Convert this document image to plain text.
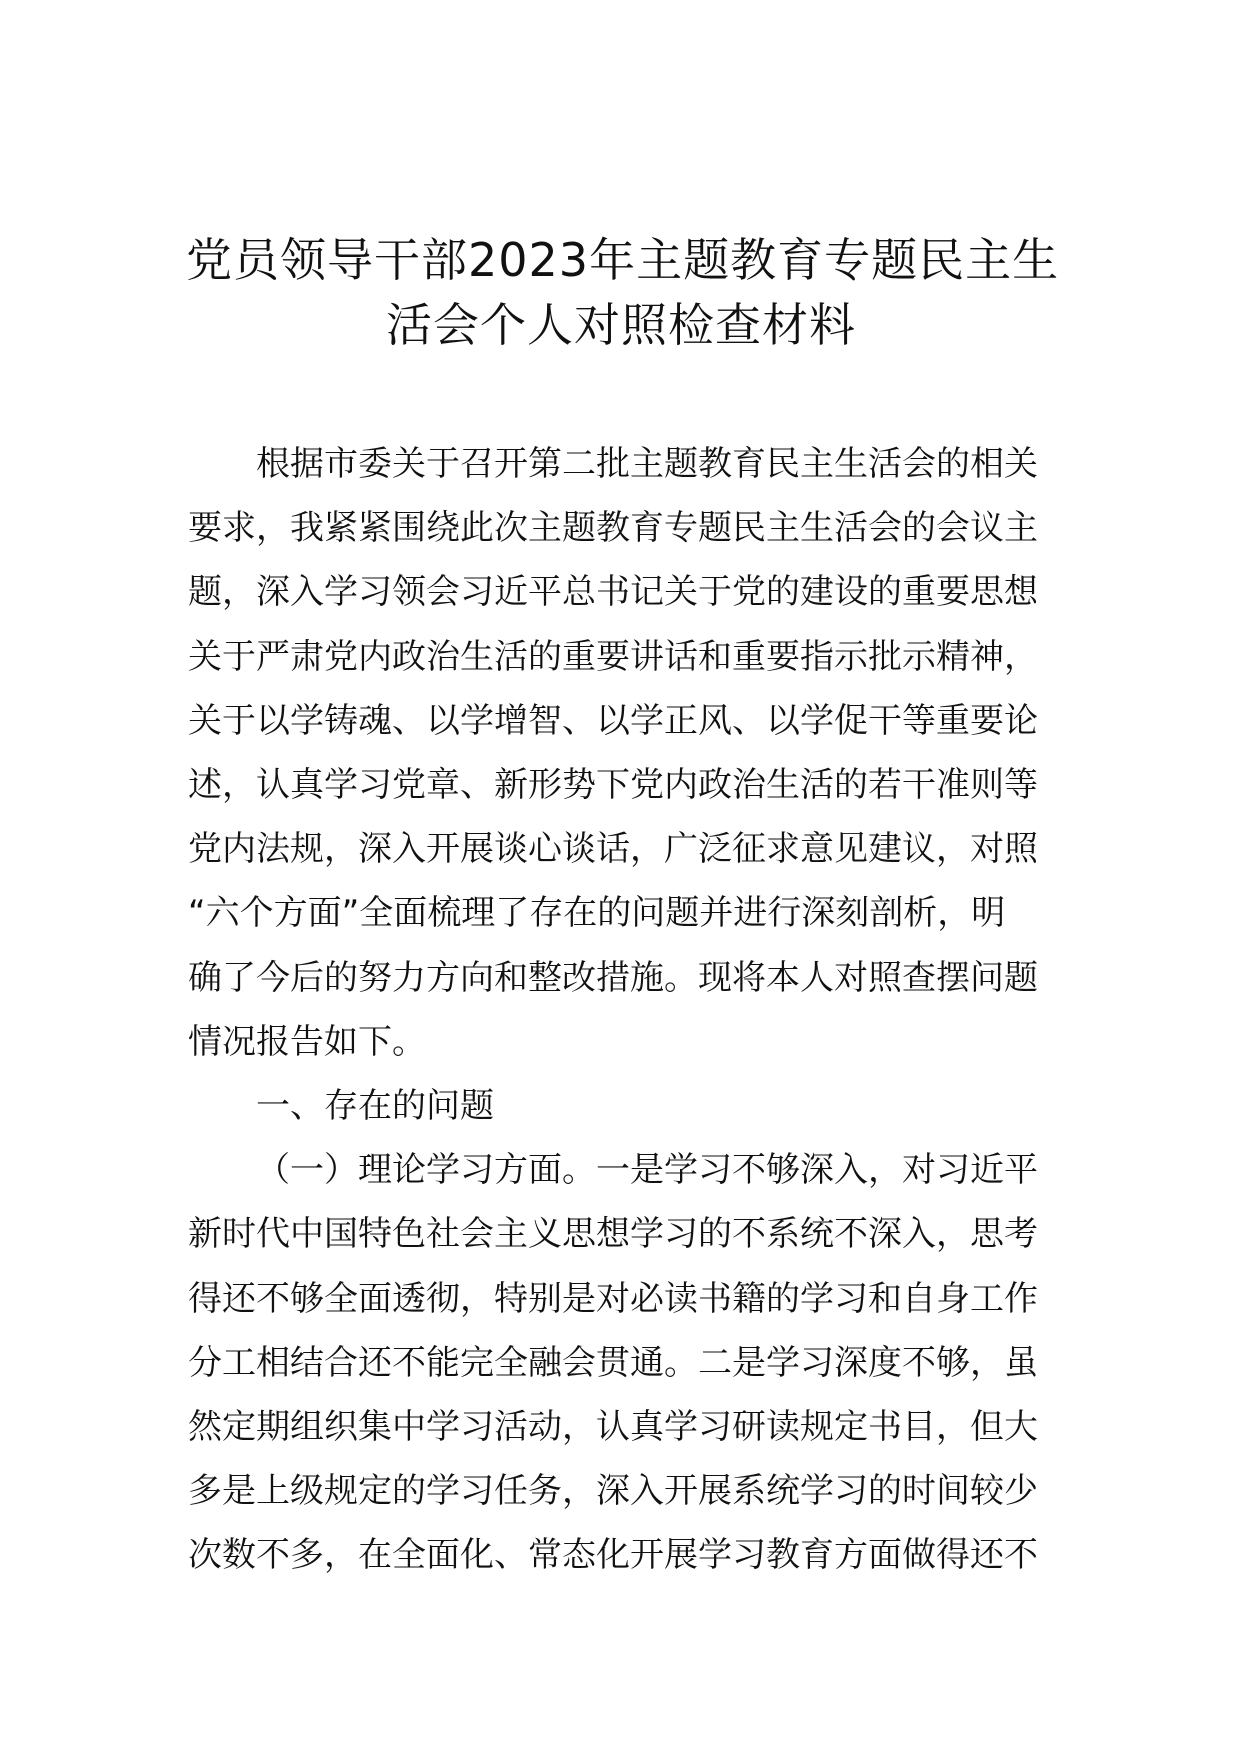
党员领导干部2023年主题教育专题民主生
活会个人对照检查材料

根据市委关于召开第二批主题教育民主生活会的相关
要求，我紧紧围绕此次主题教育专题民主生活会的会议主
题，深入学习领会习近平总书记关于党的建设的重要思想
关于严肃党内政治生活的重要讲话和重要指示批示精神，
关于以学铸魂、以学增智、以学正风、以学促干等重要论
述，认真学习党章、新形势下党内政治生活的若干准则等
党内法规，深入开展谈心谈话，广泛征求意见建议，对照
“六个方面”全面梳理了存在的问题并进行深刻剖析，明
确了今后的努力方向和整改措施。现将本人对照查摆问题
情况报告如下。

一、存在的问题

（一）理论学习方面。一是学习不够深入，对习近平
新时代中国特色社会主义思想学习的不系统不深入，思考
得还不够全面透彻，特别是对必读书籍的学习和自身工作
分工相结合还不能完全融会贯通。二是学习深度不够，虽
然定期组织集中学习活动，认真学习研读规定书目，但大
多是上级规定的学习任务，深入开展系统学习的时间较少
次数不多，在全面化、常态化开展学习教育方面做得还不
